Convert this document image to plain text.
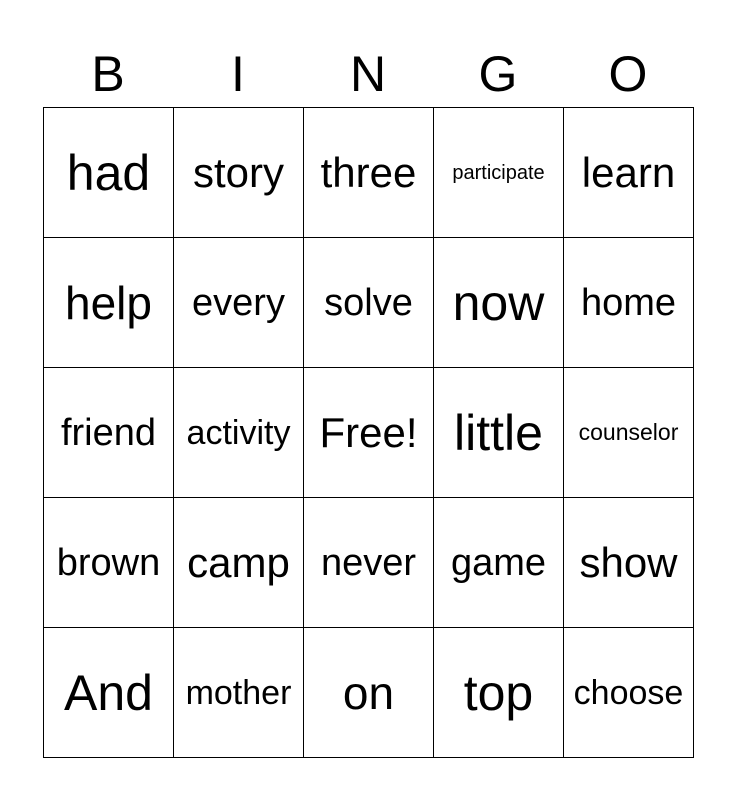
B	I	N	G	O
had story three participate learn
help every solve now home
friend activity Free! little counselor
brown camp never game show
And mother on top choose
